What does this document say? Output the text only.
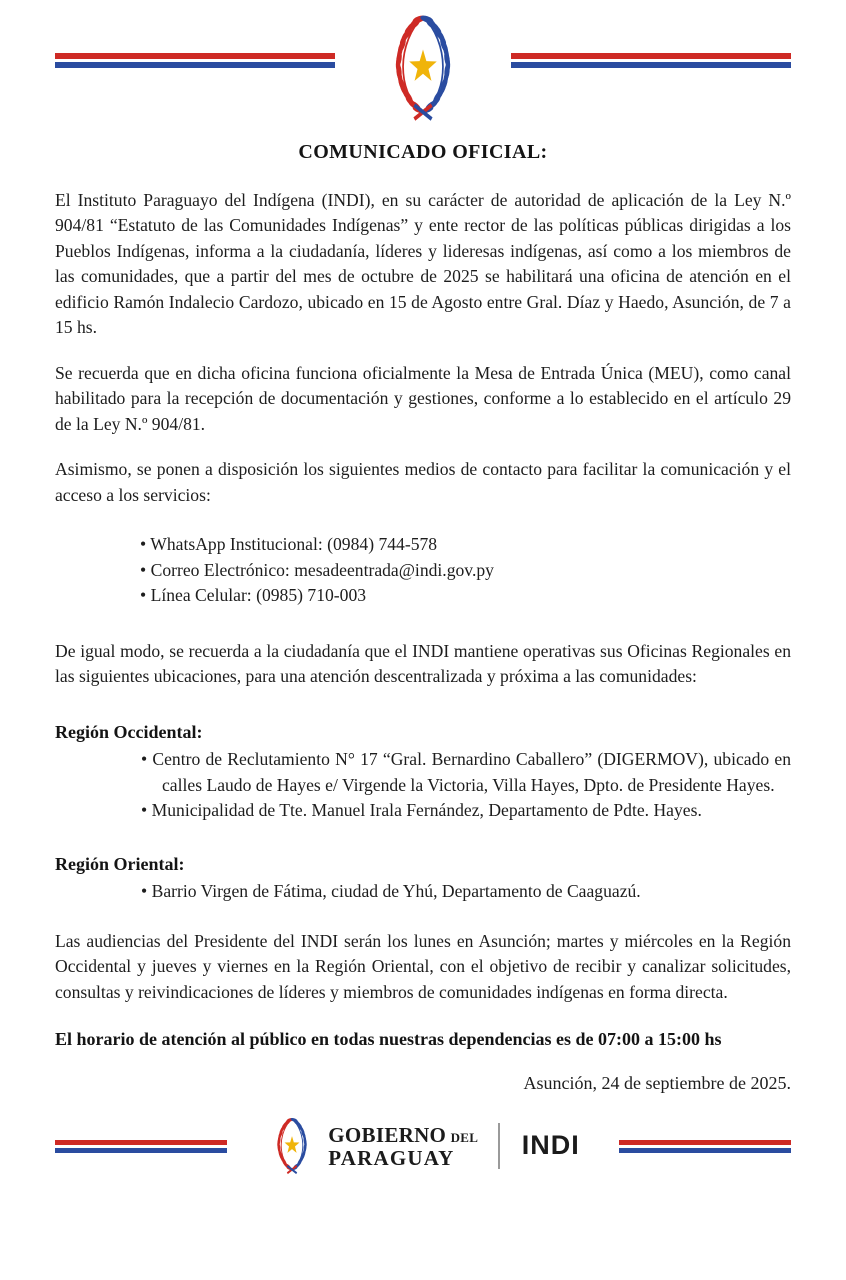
COMUNICADO OFICIAL:

El Instituto Paraguayo del Indígena (INDI), en su carácter de autoridad de aplicación de la Ley N.º 904/81 “Estatuto de las Comunidades Indígenas” y ente rector de las políticas públicas dirigidas a los Pueblos Indígenas, informa a la ciudadanía, líderes y lideresas indígenas, así como a los miembros de las comunidades, que a partir del mes de octubre de 2025 se habilitará una oficina de atención en el edificio Ramón Indalecio Cardozo, ubicado en 15 de Agosto entre Gral. Díaz y Haedo, Asunción, de 7 a 15 hs.

Se recuerda que en dicha oficina funciona oficialmente la Mesa de Entrada Única (MEU), como canal habilitado para la recepción de documentación y gestiones, conforme a lo establecido en el artículo 29 de la Ley N.º 904/81.

Asimismo, se ponen a disposición los siguientes medios de contacto para facilitar la comunicación y el acceso a los servicios:

• WhatsApp Institucional: (0984) 744-578
• Correo Electrónico: mesadeentrada@indi.gov.py
• Línea Celular: (0985) 710-003

De igual modo, se recuerda a la ciudadanía que el INDI mantiene operativas sus Oficinas Regionales en las siguientes ubicaciones, para una atención descentralizada y próxima a las comunidades:

Región Occidental:
• Centro de Reclutamiento N° 17 “Gral. Bernardino Caballero” (DIGERMOV), ubicado en calles Laudo de Hayes e/ Virgende la Victoria, Villa Hayes, Dpto. de Presidente Hayes.
• Municipalidad de Tte. Manuel Irala Fernández, Departamento de Pdte. Hayes.
Región Oriental:
• Barrio Virgen de Fátima, ciudad de Yhú, Departamento de Caaguazú.

Las audiencias del Presidente del INDI serán los lunes en Asunción; martes y miércoles en la Región Occidental y jueves y viernes en la Región Oriental, con el objetivo de recibir y canalizar solicitudes, consultas y reivindicaciones de líderes y miembros de comunidades indígenas en forma directa.

El horario de atención al público en todas nuestras dependencias es de 07:00 a 15:00 hs

Asunción, 24 de septiembre de 2025.

GOBIERNO DEL
PARAGUAY	INDI
